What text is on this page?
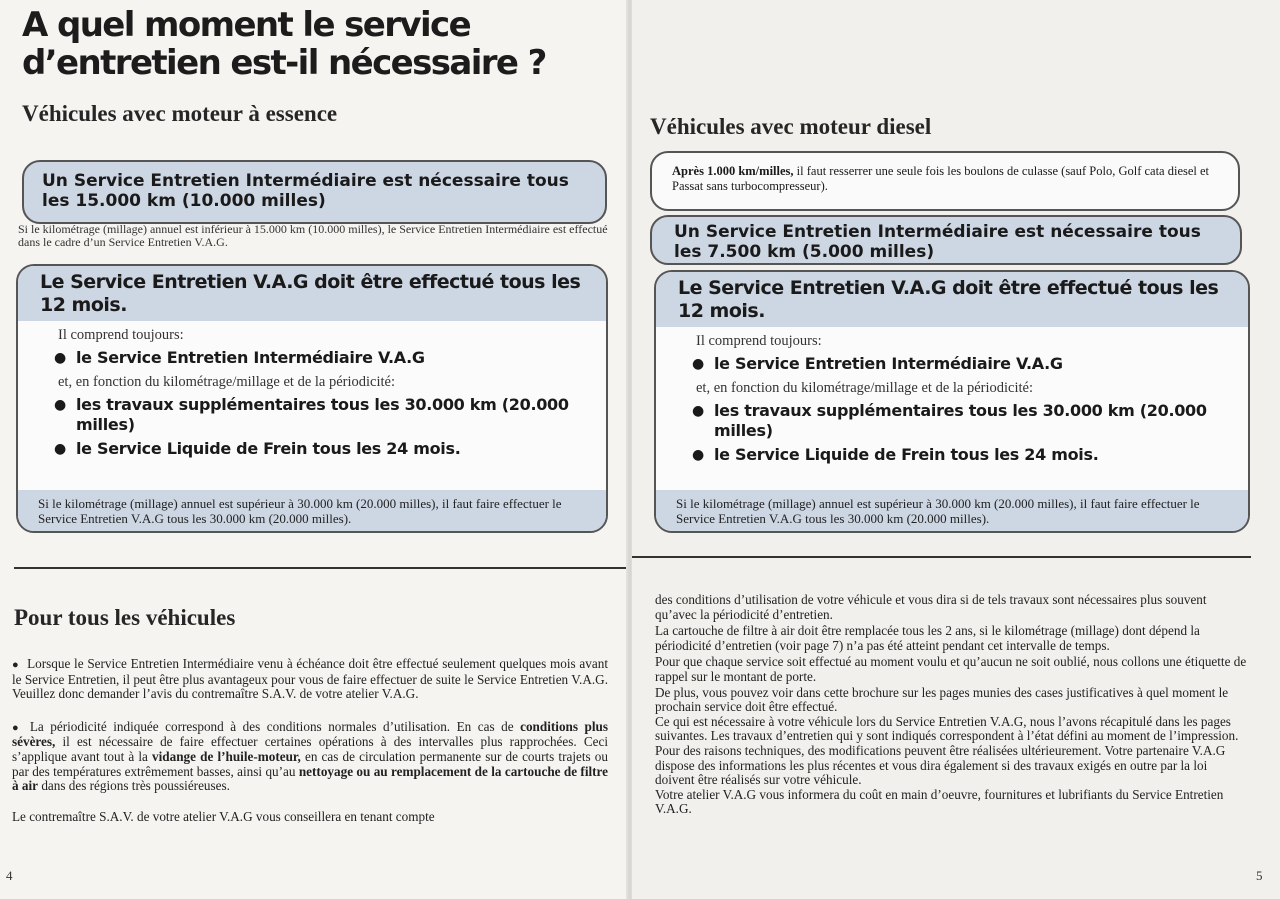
A quel moment le service d’entretien est-il nécessaire ?
Véhicules avec moteur à essence
Un Service Entretien Intermédiaire est nécessaire tous les 15.000 km (10.000 milles)

Si le kilométrage (millage) annuel est inférieur à 15.000 km (10.000 milles), le Service Entretien Intermédiaire est effectué dans le cadre d’un Service Entretien V.A.G.

Le Service Entretien V.A.G doit être effectué tous les 12 mois.
Il comprend toujours:
● le Service Entretien Intermédiaire V.A.G
et, en fonction du kilométrage/millage et de la périodicité:
● les travaux supplémentaires tous les 30.000 km (20.000 milles)
● le Service Liquide de Frein tous les 24 mois.
Si le kilométrage (millage) annuel est supérieur à 30.000 km (20.000 milles), il faut faire effectuer le Service Entretien V.A.G tous les 30.000 km (20.000 milles).
Pour tous les véhicules

● Lorsque le Service Entretien Intermédiaire venu à échéance doit être effectué seulement quelques mois avant le Service Entretien, il peut être plus avantageux pour vous de faire effectuer de suite le Service Entretien V.A.G. Veuillez donc demander l’avis du contremaître S.A.V. de votre atelier V.A.G.

● La périodicité indiquée correspond à des conditions normales d’utilisation. En cas de conditions plus sévères, il est nécessaire de faire effectuer certaines opérations à des intervalles plus rapprochées. Ceci s’applique avant tout à la vidange de l’huile-moteur, en cas de circulation permanente sur de courts trajets ou par des températures extrêmement basses, ainsi qu’au nettoyage ou au remplacement de la cartouche de filtre à air dans des régions très poussiéreuses.

Le contremaître S.A.V. de votre atelier V.A.G vous conseillera en tenant compte

4

Véhicules avec moteur diesel
Après 1.000 km/milles, il faut resserrer une seule fois les boulons de culasse (sauf Polo, Golf cata diesel et Passat sans turbocompresseur).
Un Service Entretien Intermédiaire est nécessaire tous les 7.500 km (5.000 milles)
Le Service Entretien V.A.G doit être effectué tous les 12 mois.
Il comprend toujours:
● le Service Entretien Intermédiaire V.A.G
et, en fonction du kilométrage/millage et de la périodicité:
● les travaux supplémentaires tous les 30.000 km (20.000 milles)
● le Service Liquide de Frein tous les 24 mois.
Si le kilométrage (millage) annuel est supérieur à 30.000 km (20.000 milles), il faut faire effectuer le Service Entretien V.A.G tous les 30.000 km (20.000 milles).

des conditions d’utilisation de votre véhicule et vous dira si de tels travaux sont nécessaires plus souvent qu’avec la périodicité d’entretien.

La cartouche de filtre à air doit être remplacée tous les 2 ans, si le kilométrage (millage) dont dépend la périodicité d’entretien (voir page 7) n’a pas été atteint pendant cet intervalle de temps.

Pour que chaque service soit effectué au moment voulu et qu’aucun ne soit oublié, nous collons une étiquette de rappel sur le montant de porte.

De plus, vous pouvez voir dans cette brochure sur les pages munies des cases justificatives à quel moment le prochain service doit être effectué.

Ce qui est nécessaire à votre véhicule lors du Service Entretien V.A.G, nous l’avons récapitulé dans les pages suivantes. Les travaux d’entretien qui y sont indiqués correspondent à l’état défini au moment de l’impression. Pour des raisons techniques, des modifications peuvent être réalisées ultérieurement. Votre partenaire V.A.G dispose des informations les plus récentes et vous dira également si des travaux exigés en outre par la loi doivent être réalisés sur votre véhicule.

Votre atelier V.A.G vous informera du coût en main d’oeuvre, fournitures et lubrifiants du Service Entretien V.A.G.

5
